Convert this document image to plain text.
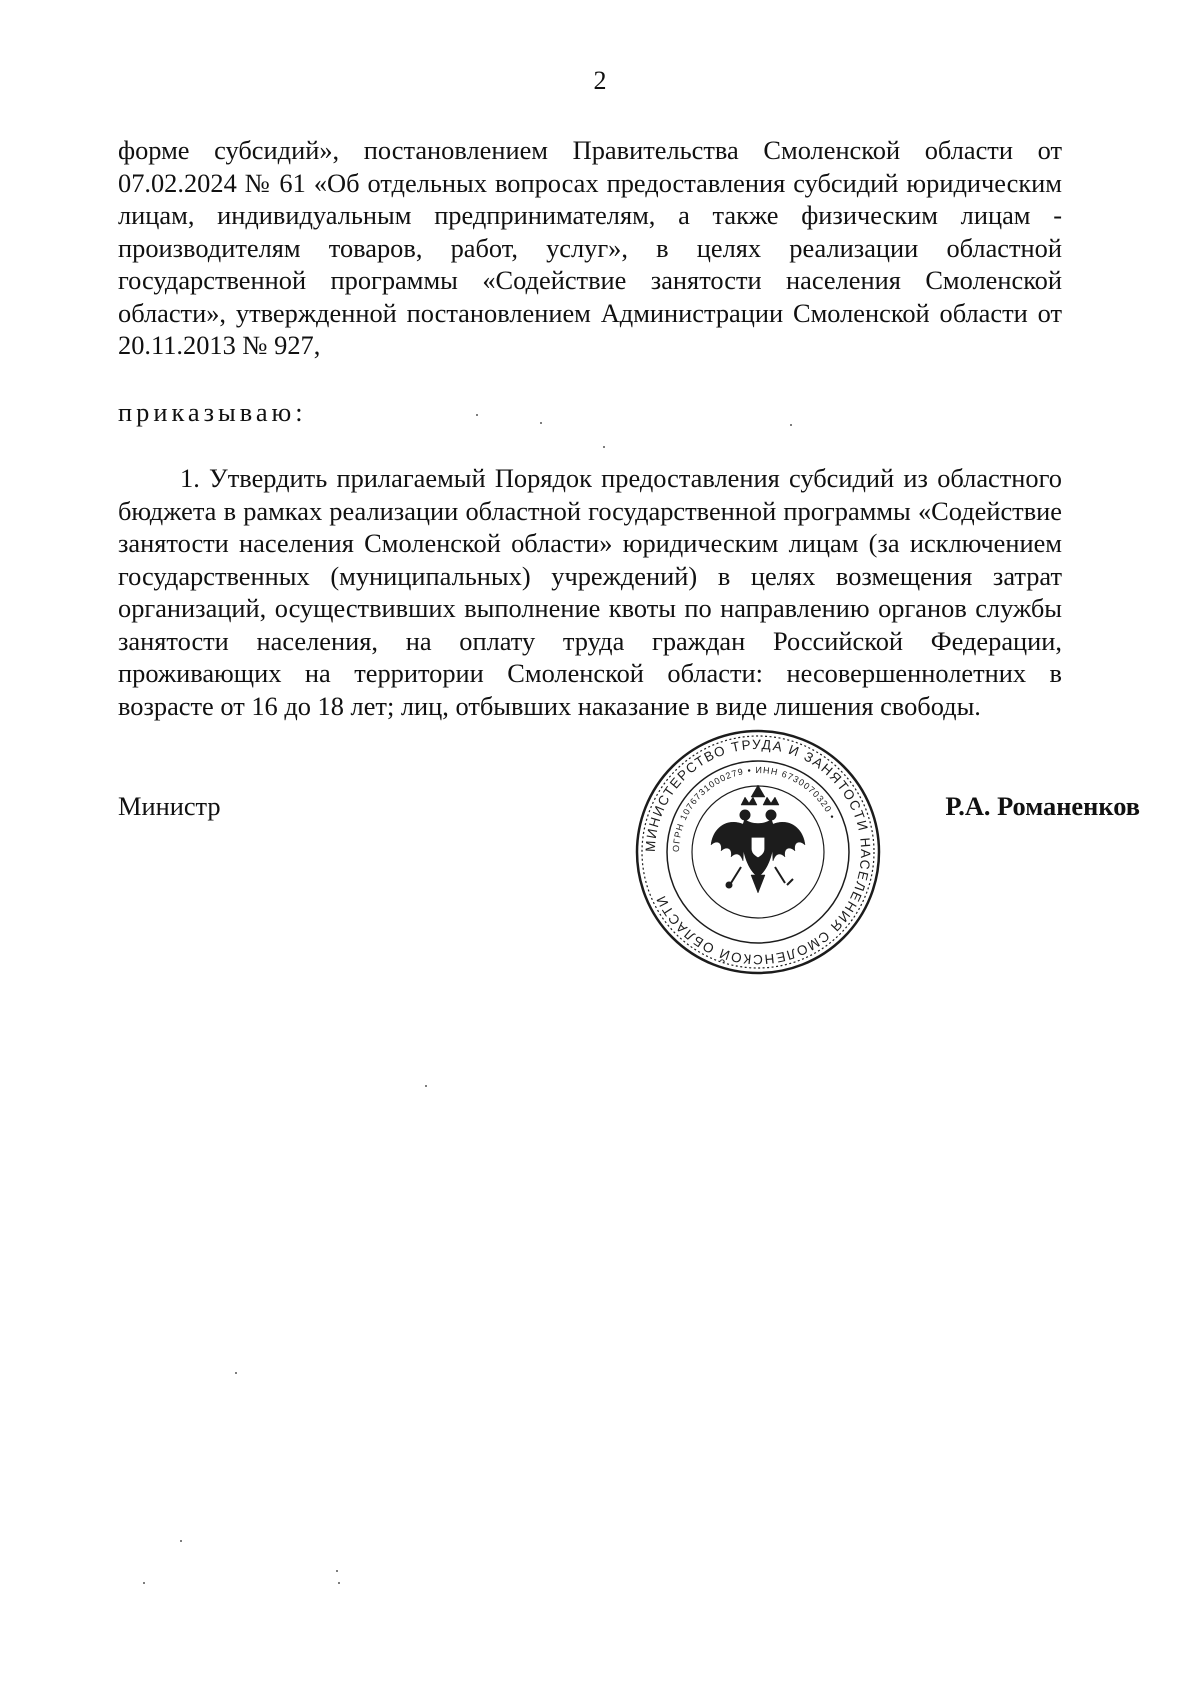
2
форме субсидий», постановлением Правительства Смоленской области от 07.02.2024 № 61 «Об отдельных вопросах предоставления субсидий юридическим лицам, индивидуальным предпринимателям, а также физическим лицам - производителям товаров, работ, услуг», в целях реализации областной государственной программы «Содействие занятости населения Смоленской области», утвержденной постановлением Администрации Смоленской области от 20.11.2013 № 927,
приказываю:
1. Утвердить прилагаемый Порядок предоставления субсидий из областного бюджета в рамках реализации областной государственной программы «Содействие занятости населения Смоленской области» юридическим лицам (за исключением государственных (муниципальных) учреждений) в целях возмещения затрат организаций, осуществивших выполнение квоты по направлению органов службы занятости населения, на оплату труда граждан Российской Федерации, проживающих на территории Смоленской области: несовершеннолетних в возрасте от 16 до 18 лет; лиц, отбывших наказание в виде лишения свободы.
Министр	Р.А. Романенков
МИНИСТЕРСТВО ТРУДА И ЗАНЯТОСТИ НАСЕЛЕНИЯ СМОЛЕНСКОЙ ОБЛАСТИ
ОГРН 1076731000279 • ИНН 6730070320 •
